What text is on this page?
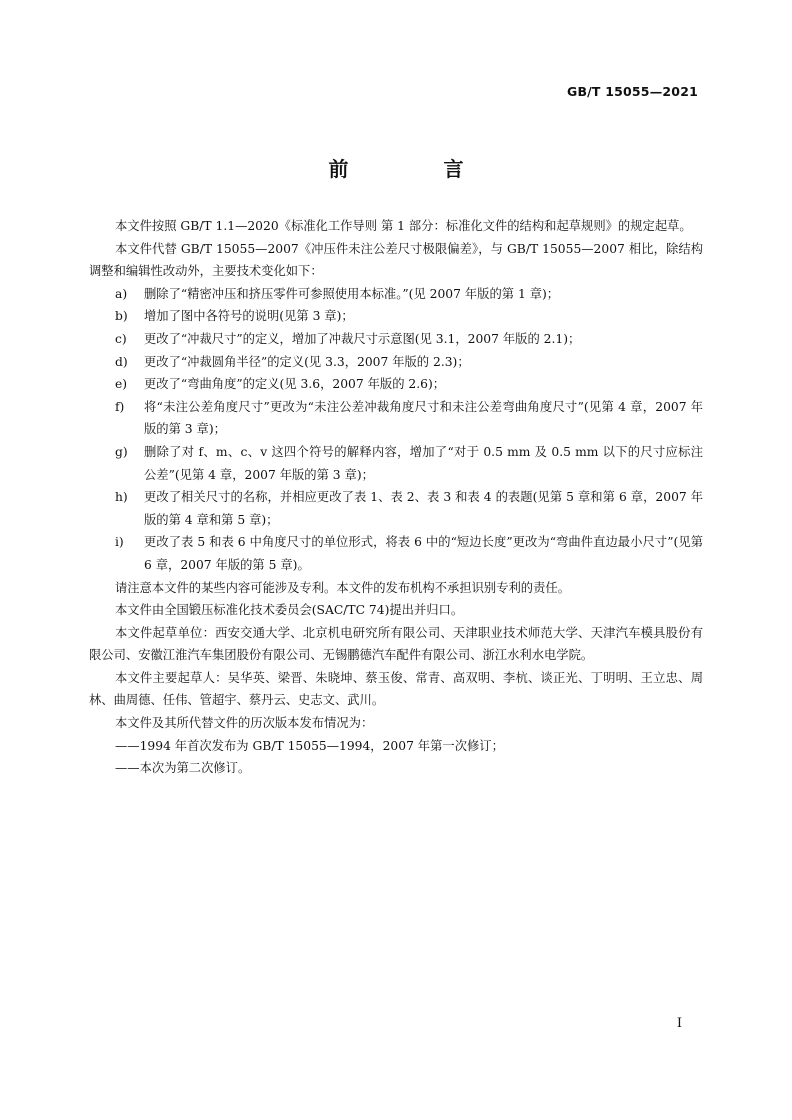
GB/T 15055—2021
前 言

本文件按照 GB/T 1.1—2020《标准化工作导则 第 1 部分：标准化文件的结构和起草规则》的规定起草。

本文件代替 GB/T 15055—2007《冲压件未注公差尺寸极限偏差》，与 GB/T 15055—2007 相比，除结构调整和编辑性改动外，主要技术变化如下：

a)	删除了“精密冲压和挤压零件可参照使用本标准。”(见 2007 年版的第 1 章)；
b)	增加了图中各符号的说明(见第 3 章)；
c)	更改了“冲裁尺寸”的定义，增加了冲裁尺寸示意图(见 3.1，2007 年版的 2.1)；
d)	更改了“冲裁圆角半径”的定义(见 3.3，2007 年版的 2.3)；
e)	更改了“弯曲角度”的定义(见 3.6，2007 年版的 2.6)；
f)	将“未注公差角度尺寸”更改为“未注公差冲裁角度尺寸和未注公差弯曲角度尺寸”(见第 4 章，2007 年版的第 3 章)；
g)	删除了对 f、m、c、v 这四个符号的解释内容，增加了“对于 0.5 mm 及 0.5 mm 以下的尺寸应标注公差”(见第 4 章，2007 年版的第 3 章)；
h)	更改了相关尺寸的名称，并相应更改了表 1、表 2、表 3 和表 4 的表题(见第 5 章和第 6 章，2007 年版的第 4 章和第 5 章)；
i)	更改了表 5 和表 6 中角度尺寸的单位形式，将表 6 中的“短边长度”更改为“弯曲件直边最小尺寸”(见第 6 章，2007 年版的第 5 章)。

请注意本文件的某些内容可能涉及专利。本文件的发布机构不承担识别专利的责任。

本文件由全国锻压标准化技术委员会(SAC/TC 74)提出并归口。

本文件起草单位：西安交通大学、北京机电研究所有限公司、天津职业技术师范大学、天津汽车模具股份有限公司、安徽江淮汽车集团股份有限公司、无锡鹏德汽车配件有限公司、浙江水利水电学院。

本文件主要起草人：吴华英、梁晋、朱晓坤、蔡玉俊、常青、高双明、李杭、谈正光、丁明明、王立忠、周林、曲周德、任伟、管超宇、蔡丹云、史志文、武川。

本文件及其所代替文件的历次版本发布情况为：

——1994 年首次发布为 GB/T 15055—1994，2007 年第一次修订；

——本次为第二次修订。

I
